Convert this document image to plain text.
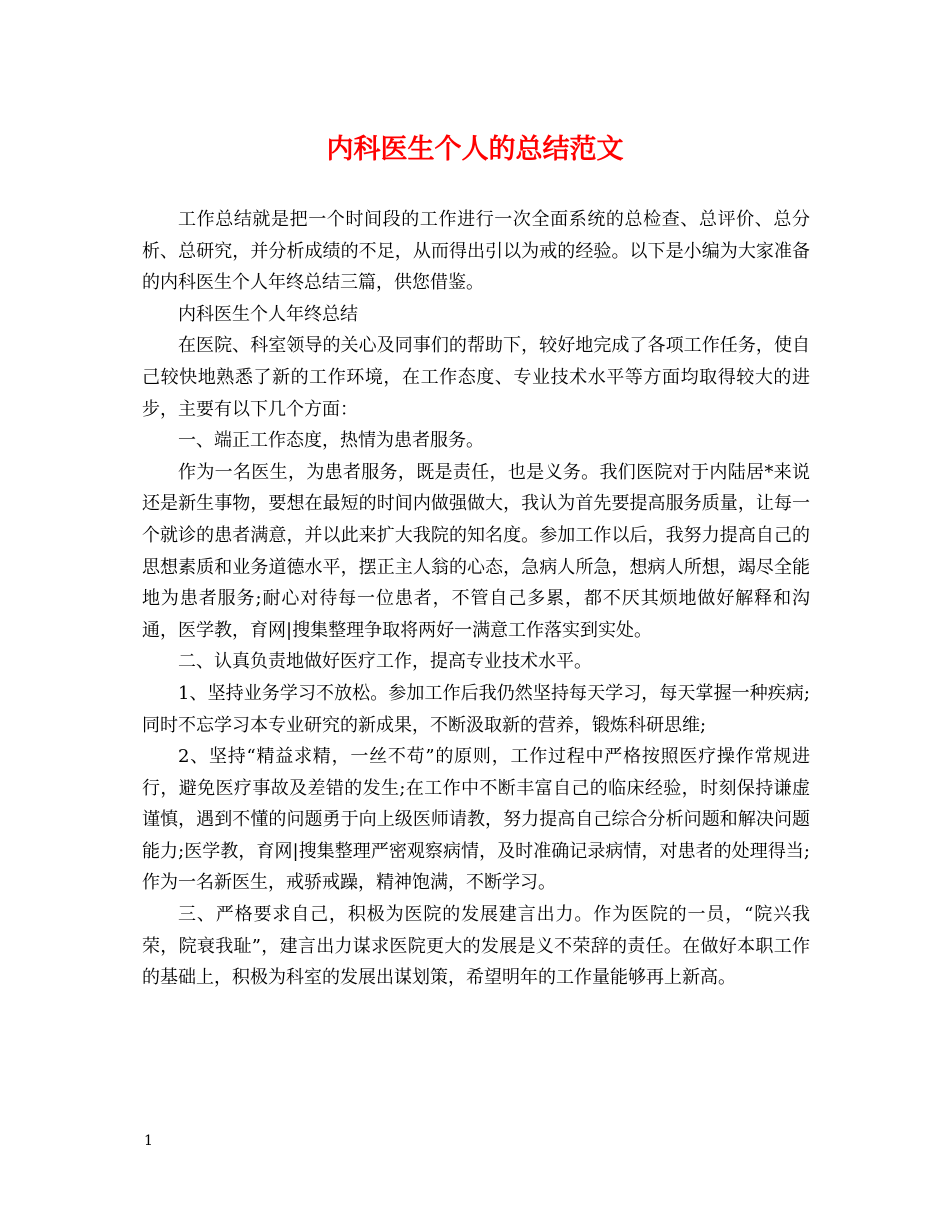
内科医生个人的总结范文

工作总结就是把一个时间段的工作进行一次全面系统的总检查、总评价、总分析、总研究，并分析成绩的不足，从而得出引以为戒的经验。以下是小编为大家准备的内科医生个人年终总结三篇，供您借鉴。

内科医生个人年终总结

在医院、科室领导的关心及同事们的帮助下，较好地完成了各项工作任务，使自己较快地熟悉了新的工作环境，在工作态度、专业技术水平等方面均取得较大的进步，主要有以下几个方面：

一、端正工作态度，热情为患者服务。

作为一名医生，为患者服务，既是责任，也是义务。我们医院对于内陆居*来说还是新生事物，要想在最短的时间内做强做大，我认为首先要提高服务质量，让每一个就诊的患者满意，并以此来扩大我院的知名度。参加工作以后，我努力提高自己的思想素质和业务道德水平，摆正主人翁的心态，急病人所急，想病人所想，竭尽全能地为患者服务;耐心对待每一位患者，不管自己多累，都不厌其烦地做好解释和沟通，医学教，育网|搜集整理争取将两好一满意工作落实到实处。

二、认真负责地做好医疗工作，提高专业技术水平。

1、坚持业务学习不放松。参加工作后我仍然坚持每天学习，每天掌握一种疾病;同时不忘学习本专业研究的新成果，不断汲取新的营养，锻炼科研思维;

2、坚持“精益求精，一丝不苟”的原则，工作过程中严格按照医疗操作常规进行，避免医疗事故及差错的发生;在工作中不断丰富自己的临床经验，时刻保持谦虚谨慎，遇到不懂的问题勇于向上级医师请教，努力提高自己综合分析问题和解决问题能力;医学教，育网|搜集整理严密观察病情，及时准确记录病情，对患者的处理得当;作为一名新医生，戒骄戒躁，精神饱满，不断学习。

三、严格要求自己，积极为医院的发展建言出力。作为医院的一员，“院兴我荣，院衰我耻”，建言出力谋求医院更大的发展是义不荣辞的责任。在做好本职工作的基础上，积极为科室的发展出谋划策，希望明年的工作量能够再上新高。

1
